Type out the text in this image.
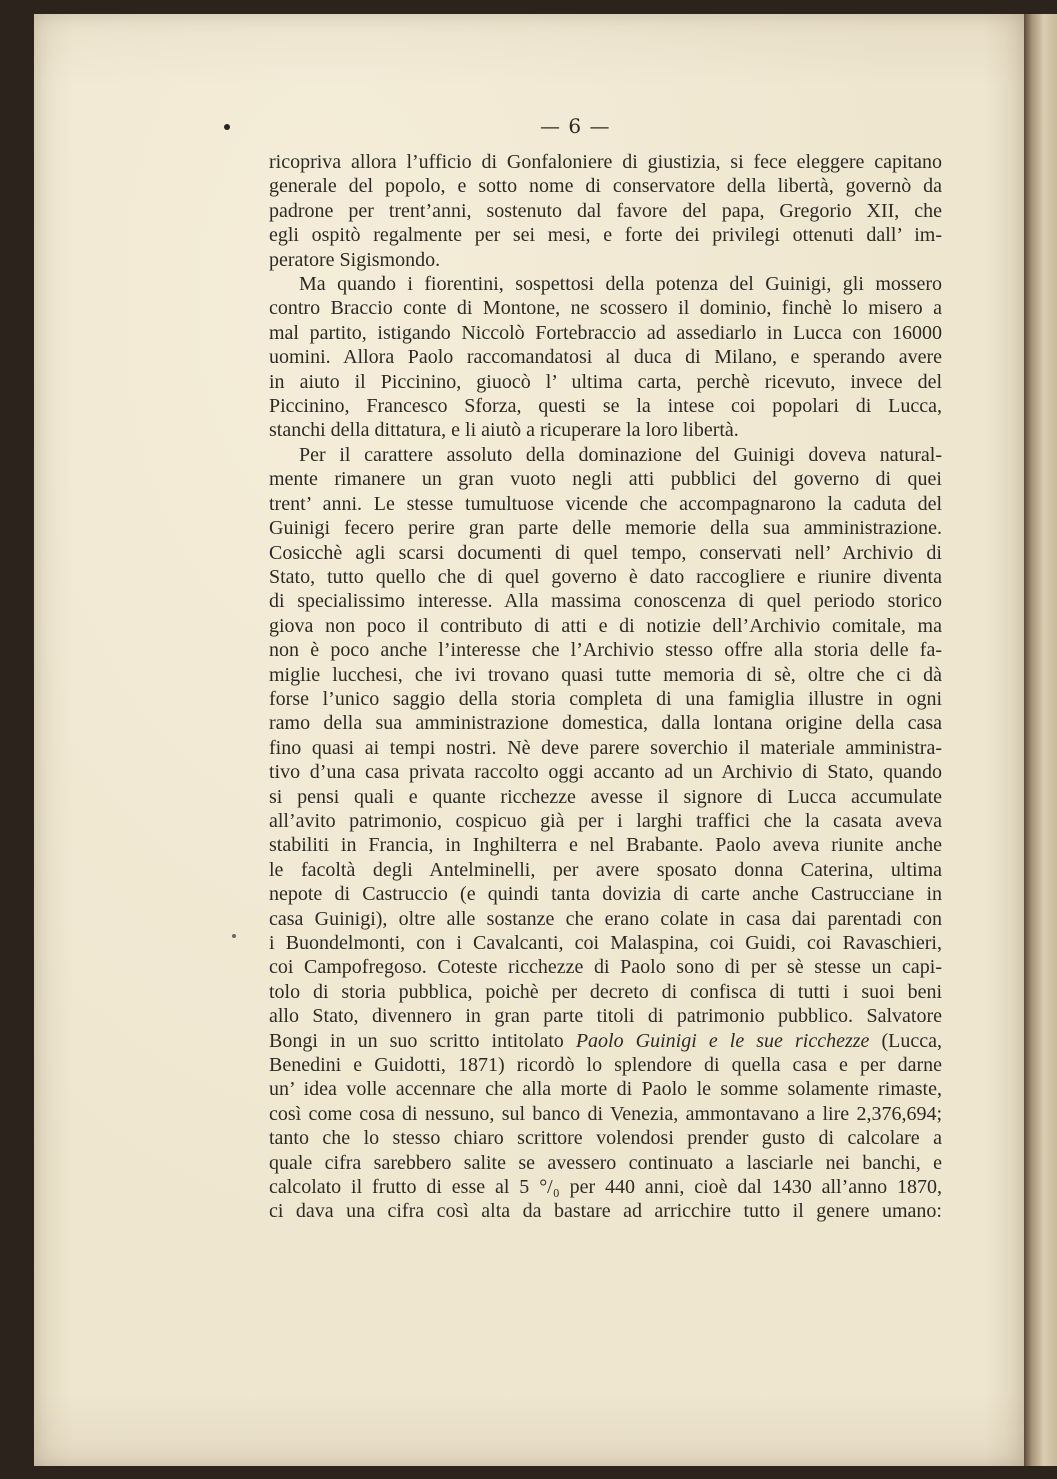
— 6 —

ricopriva allora l’ufficio di Gonfaloniere di giustizia, si fece eleggere capitano

generale del popolo, e sotto nome di conservatore della libertà, governò da

padrone per trent’anni, sostenuto dal favore del papa, Gregorio XII, che

egli ospitò regalmente per sei mesi, e forte dei privilegi ottenuti dall’ im-

peratore Sigismondo.

Ma quando i fiorentini, sospettosi della potenza del Guinigi, gli mossero

contro Braccio conte di Montone, ne scossero il dominio, finchè lo misero a

mal partito, istigando Niccolò Fortebraccio ad assediarlo in Lucca con 16000

uomini. Allora Paolo raccomandatosi al duca di Milano, e sperando avere

in aiuto il Piccinino, giuocò l’ ultima carta, perchè ricevuto, invece del

Piccinino, Francesco Sforza, questi se la intese coi popolari di Lucca,

stanchi della dittatura, e li aiutò a ricuperare la loro libertà.

Per il carattere assoluto della dominazione del Guinigi doveva natural-

mente rimanere un gran vuoto negli atti pubblici del governo di quei

trent’ anni. Le stesse tumultuose vicende che accompagnarono la caduta del

Guinigi fecero perire gran parte delle memorie della sua amministrazione.

Cosicchè agli scarsi documenti di quel tempo, conservati nell’ Archivio di

Stato, tutto quello che di quel governo è dato raccogliere e riunire diventa

di specialissimo interesse. Alla massima conoscenza di quel periodo storico

giova non poco il contributo di atti e di notizie dell’Archivio comitale, ma

non è poco anche l’interesse che l’Archivio stesso offre alla storia delle fa-

miglie lucchesi, che ivi trovano quasi tutte memoria di sè, oltre che ci dà

forse l’unico saggio della storia completa di una famiglia illustre in ogni

ramo della sua amministrazione domestica, dalla lontana origine della casa

fino quasi ai tempi nostri. Nè deve parere soverchio il materiale amministra-

tivo d’una casa privata raccolto oggi accanto ad un Archivio di Stato, quando

si pensi quali e quante ricchezze avesse il signore di Lucca accumulate

all’avito patrimonio, cospicuo già per i larghi traffici che la casata aveva

stabiliti in Francia, in Inghilterra e nel Brabante. Paolo aveva riunite anche

le facoltà degli Antelminelli, per avere sposato donna Caterina, ultima

nepote di Castruccio (e quindi tanta dovizia di carte anche Castrucciane in

casa Guinigi), oltre alle sostanze che erano colate in casa dai parentadi con

i Buondelmonti, con i Cavalcanti, coi Malaspina, coi Guidi, coi Ravaschieri,

coi Campofregoso. Coteste ricchezze di Paolo sono di per sè stesse un capi-

tolo di storia pubblica, poichè per decreto di confisca di tutti i suoi beni

allo Stato, divennero in gran parte titoli di patrimonio pubblico. Salvatore

Bongi in un suo scritto intitolato Paolo Guinigi e le sue ricchezze (Lucca,

Benedini e Guidotti, 1871) ricordò lo splendore di quella casa e per darne

un’ idea volle accennare che alla morte di Paolo le somme solamente rimaste,

così come cosa di nessuno, sul banco di Venezia, ammontavano a lire 2,376,694;

tanto che lo stesso chiaro scrittore volendosi prender gusto di calcolare a

quale cifra sarebbero salite se avessero continuato a lasciarle nei banchi, e

calcolato il frutto di esse al 5 °/₀ per 440 anni, cioè dal 1430 all’anno 1870,

ci dava una cifra così alta da bastare ad arricchire tutto il genere umano:
